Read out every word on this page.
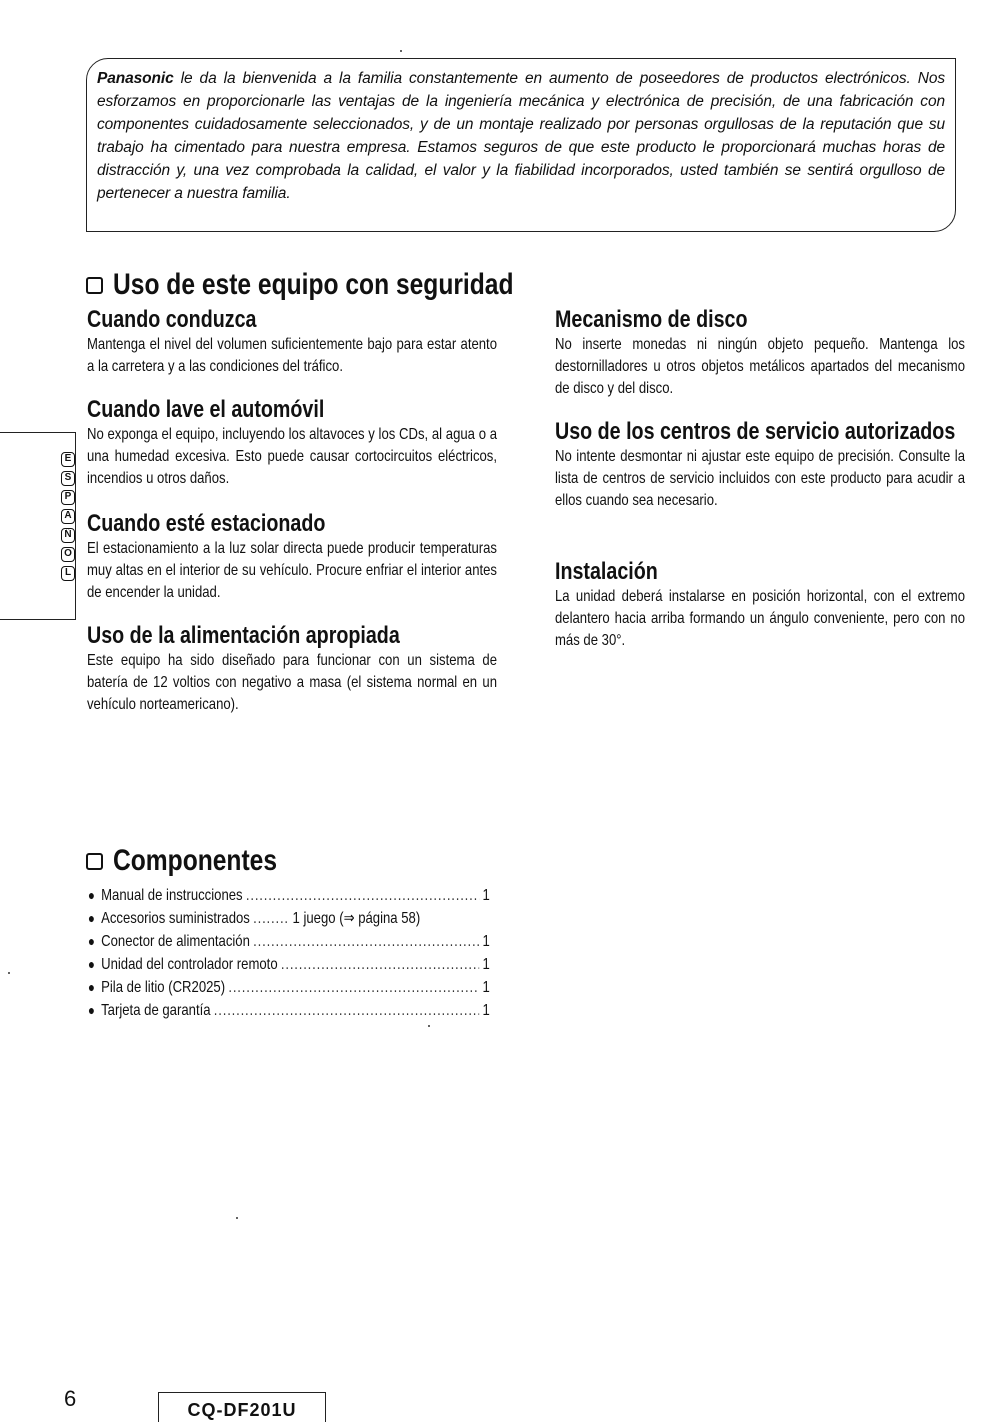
Panasonic le da la bienvenida a la familia constantemente en aumento de poseedores de productos electrónicos. Nos esforzamos en proporcionarle las ventajas de la ingeniería mecánica y electrónica de precisión, de una fabricación con componentes cuidadosamente seleccionados, y de un montaje realizado por personas orgullosas de la reputación que su trabajo ha cimentado para nuestra empresa. Estamos seguros de que este producto le proporcionará muchas horas de distracción y, una vez comprobada la calidad, el valor y la fiabilidad incorporados, usted también se sentirá orgulloso de pertenecer a nuestra familia.

Uso de este equipo con seguridad
Cuando conduzca

Mantenga el nivel del volumen suficientemente bajo para estar atento a la carretera y a las condiciones del tráfico.

Cuando lave el automóvil

No exponga el equipo, incluyendo los altavoces y los CDs, al agua o a una humedad excesiva. Esto puede causar cortocircuitos eléctricos, incendios u otros daños.

Cuando esté estacionado

El estacionamiento a la luz solar directa puede producir temperaturas muy altas en el interior de su vehículo. Procure enfriar el interior antes de encender la unidad.

Uso de la alimentación apropiada

Este equipo ha sido diseñado para funcionar con un sistema de batería de 12 voltios con negativo a masa (el sistema normal en un vehículo norteamericano).

Mecanismo de disco

No inserte monedas ni ningún objeto pequeño. Mantenga los destornilladores u otros objetos metálicos apartados del mecanismo de disco y del disco.

Uso de los centros de servicio autorizados

No intente desmontar ni ajustar este equipo de precisión. Consulte la lista de centros de servicio incluidos con este producto para acudir a ellos cuando sea necesario.

Instalación

La unidad deberá instalarse en posición horizontal, con el extremo delantero hacia arriba formando un ángulo conveniente, pero con no más de 30°.

E
S
P
A
Ñ
O
L
Componentes
● Manual de instrucciones .....	1
● Accesorios suministrados .....	1 juego (⇒ página 58)
● Conector de alimentación .....	1
● Unidad del controlador remoto .....	1
● Pila de litio (CR2025) .....	1
● Tarjeta de garantía .....	1
6	CQ-DF201U
